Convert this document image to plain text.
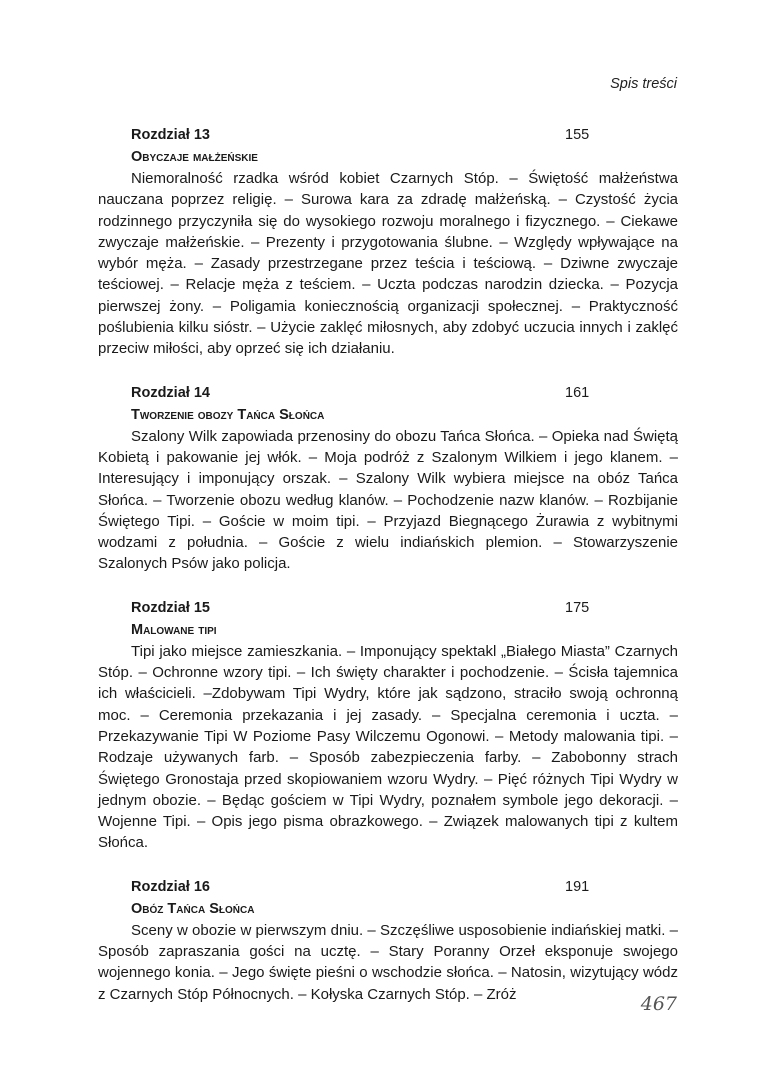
Spis treści
Rozdział 13	155
Obyczaje małżeńskie

Niemoralność rzadka wśród kobiet Czarnych Stóp. – Świętość małżeństwa nauczana poprzez religię. – Surowa kara za zdradę małżeńską. – Czystość życia rodzinnego przyczyniła się do wysokiego rozwoju moralnego i fizycznego. – Ciekawe zwyczaje małżeńskie. – Prezenty i przygotowania ślubne. – Względy wpływające na wybór męża. – Zasady przestrzegane przez teścia i teściową. – Dziwne zwyczaje teściowej. – Relacje męża z teściem. – Uczta podczas narodzin dziecka. – Pozycja pierwszej żony. – Poligamia koniecznością organizacji społecznej. – Praktyczność poślubienia kilku sióstr. – Użycie zaklęć miłosnych, aby zdobyć uczucia innych i zaklęć przeciw miłości, aby oprzeć się ich działaniu.

Rozdział 14	161
Tworzenie obozy Tańca Słońca

Szalony Wilk zapowiada przenosiny do obozu Tańca Słońca. – Opieka nad Świętą Kobietą i pakowanie jej włók. – Moja podróż z Szalonym Wilkiem i jego klanem. – Interesujący i imponujący orszak. – Szalony Wilk wybiera miejsce na obóz Tańca Słońca. – Tworzenie obozu według klanów. – Pochodzenie nazw klanów. – Rozbijanie Świętego Tipi. – Goście w moim tipi. – Przyjazd Biegnącego Żurawia z wybitnymi wodzami z południa. – Goście z wielu indiańskich plemion. – Stowarzyszenie Szalonych Psów jako policja.

Rozdział 15	175
Malowane tipi

Tipi jako miejsce zamieszkania. – Imponujący spektakl „Białego Miasta” Czarnych Stóp. – Ochronne wzory tipi. – Ich święty charakter i pochodzenie. – Ścisła tajemnica ich właścicieli. –Zdobywam Tipi Wydry, które jak sądzono, straciło swoją ochronną moc. – Ceremonia przekazania i jej zasady. – Specjalna ceremonia i uczta. – Przekazywanie Tipi W Poziome Pasy Wilczemu Ogonowi. – Metody malowania tipi. – Rodzaje używanych farb. – Sposób zabezpieczenia farby. – Zabobonny strach Świętego Gronostaja przed skopiowaniem wzoru Wydry. – Pięć różnych Tipi Wydry w jednym obozie. – Będąc gościem w Tipi Wydry, poznałem symbole jego dekoracji. – Wojenne Tipi. – Opis jego pisma obrazkowego. – Związek malowanych tipi z kultem Słońca.

Rozdział 16	191
Obóz Tańca Słońca

Sceny w obozie w pierwszym dniu. – Szczęśliwe usposobienie indiańskiej matki. – Sposób zapraszania gości na ucztę. – Stary Poranny Orzeł eksponuje swojego wojennego konia. – Jego święte pieśni o wschodzie słońca. – Natosin, wizytujący wódz z Czarnych Stóp Północnych. – Kołyska Czarnych Stóp. – Zróż	467
